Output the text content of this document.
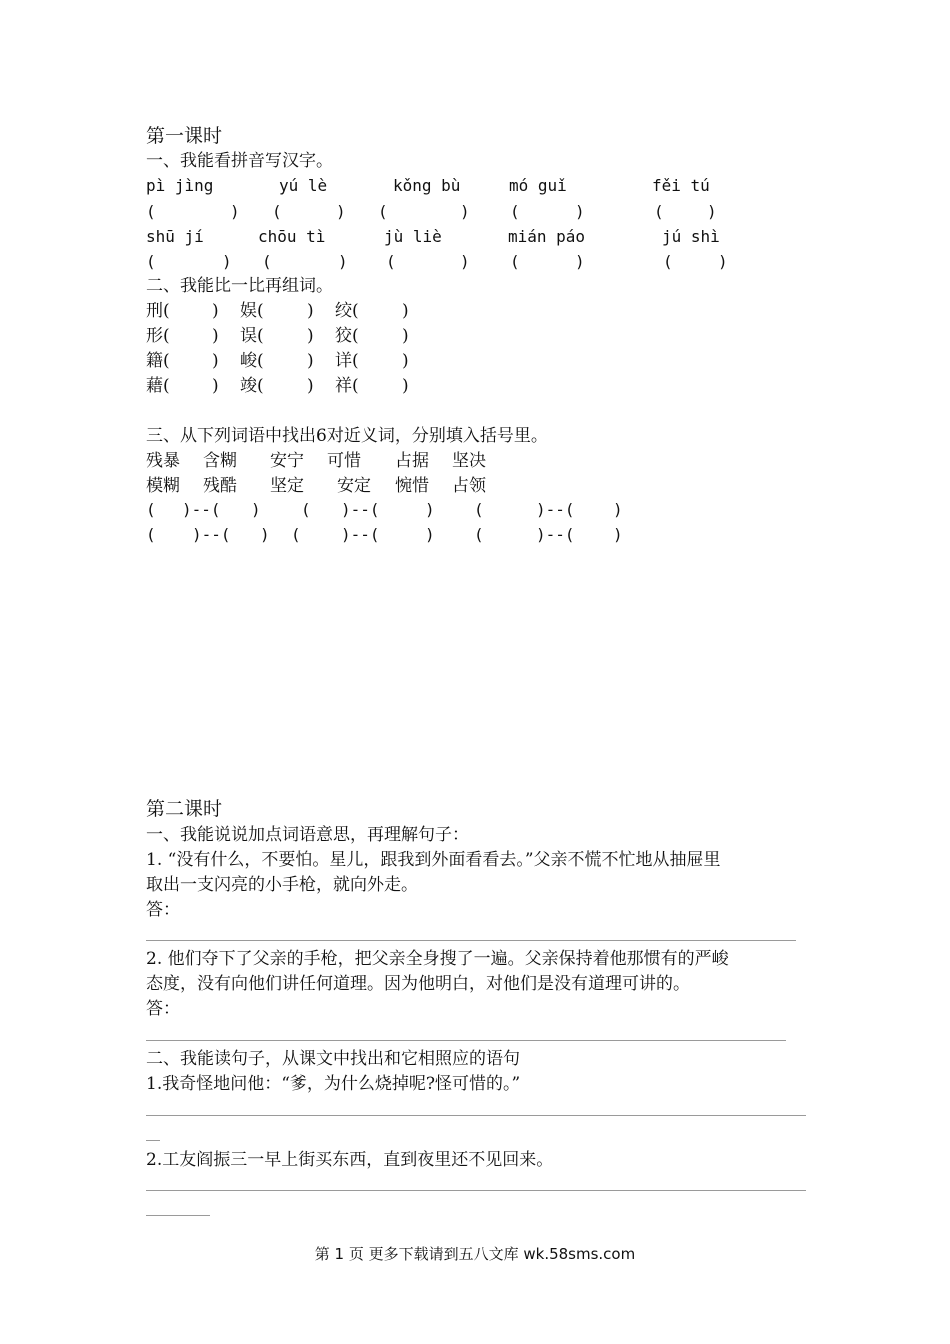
第一课时
一、我能看拼音写汉字。
pì jìng	yú lè	kǒng bù	mó guǐ	fěi tú
(	) (	) (	)	(	)	(	)
shū jí	chōu tì	jù liè	mián páo	jú shì
(	) (	) (	)	(	)	(	)
二、我能比一比再组词。
刑( ) 娱(	) 绞(	)
形( ) 误(	) 狡(	)
籍( ) 峻(	) 详(	)
藉( ) 竣(	) 祥(	)
三、从下列词语中找出6对近义词，分别填入括号里。
残暴 含糊 安宁 可惜 占据 坚决
模糊 残酷 坚定 安定 惋惜 占领
( )--( )	( )--(	) (	)--( )
( )--( ) (	)--(	) (	)--( )
第二课时
一、我能说说加点词语意思，再理解句子：
1. “没有什么，不要怕。星儿，跟我到外面看看去。”父亲不慌不忙地从抽屉里
取出一支闪亮的小手枪，就向外走。
答：
2. 他们夺下了父亲的手枪，把父亲全身搜了一遍。父亲保持着他那惯有的严峻
态度，没有向他们讲任何道理。因为他明白，对他们是没有道理可讲的。
答：
二、我能读句子，从课文中找出和它相照应的语句
1.我奇怪地问他：“爹，为什么烧掉呢?怪可惜的。”
2.工友阎振三一早上街买东西，直到夜里还不见回来。
第 1 页 更多下载请到五八文库 wk.58sms.com
